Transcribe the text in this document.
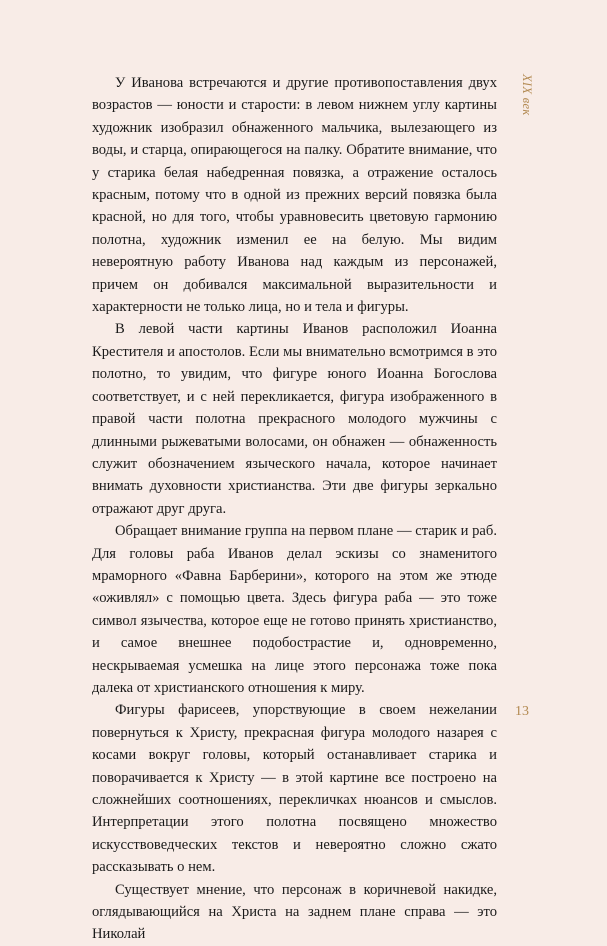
У Иванова встречаются и другие противопоставления двух возрастов — юности и старости: в левом нижнем углу картины художник изобразил обнаженного мальчика, вылезающего из воды, и старца, опирающегося на палку. Обратите внимание, что у старика белая набедренная повязка, а отражение осталось красным, потому что в одной из прежних версий повязка была красной, но для того, чтобы уравновесить цветовую гармонию полотна, художник изменил ее на белую. Мы видим невероятную работу Иванова над каждым из персонажей, причем он добивался максимальной выразительности и характерности не только лица, но и тела и фигуры.

В левой части картины Иванов расположил Иоанна Крестителя и апостолов. Если мы внимательно всмотримся в это полотно, то увидим, что фигуре юного Иоанна Богослова соответствует, и с ней перекликается, фигура изображенного в правой части полотна прекрасного молодого мужчины с длинными рыжеватыми волосами, он обнажен — обнаженность служит обозначением языческого начала, которое начинает внимать духовности христианства. Эти две фигуры зеркально отражают друг друга.

Обращает внимание группа на первом плане — старик и раб. Для головы раба Иванов делал эскизы со знаменитого мраморного «Фавна Барберини», которого на этом же этюде «оживлял» с помощью цвета. Здесь фигура раба — это тоже символ язычества, которое еще не готово принять христианство, и самое внешнее подобострастие и, одновременно, нескрываемая усмешка на лице этого персонажа тоже пока далека от христианского отношения к миру.

Фигуры фарисеев, упорствующие в своем нежелании повернуться к Христу, прекрасная фигура молодого назарея с косами вокруг головы, который останавливает старика и поворачивается к Христу — в этой картине все построено на сложнейших соотношениях, перекличках нюансов и смыслов. Интерпретации этого полотна посвящено множество искусствоведческих текстов и невероятно сложно сжато рассказывать о нем.

Существует мнение, что персонаж в коричневой накидке, оглядывающийся на Христа на заднем плане справа — это Николай

XIX век
13
